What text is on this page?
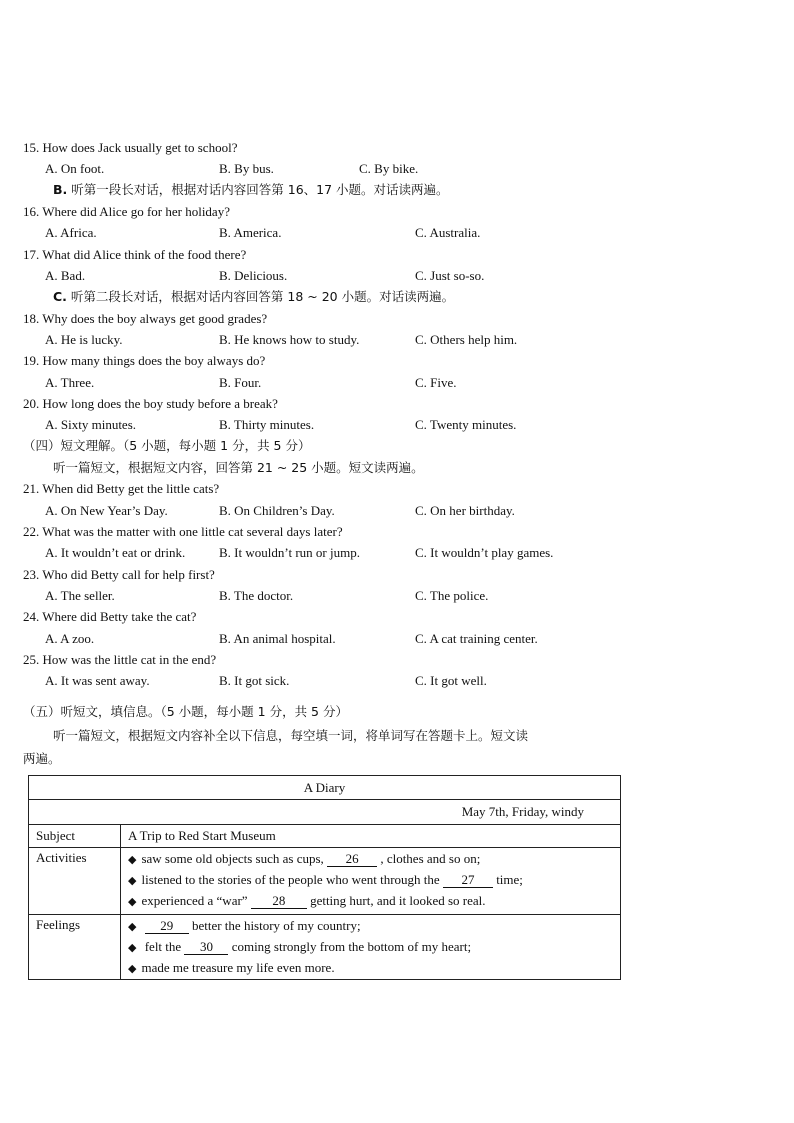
15. How does Jack usually get to school?
A. On foot.	B. By bus.	C. By bike.
B. 听第一段长对话，根据对话内容回答第 16、17 小题。对话读两遍。
16. Where did Alice go for her holiday?
A. Africa.	B. America.	C. Australia.
17. What did Alice think of the food there?
A. Bad.	B. Delicious.	C. Just so-so.
C. 听第二段长对话，根据对话内容回答第 18 ~ 20 小题。对话读两遍。
18. Why does the boy always get good grades?
A. He is lucky.	B. He knows how to study.	C. Others help him.
19. How many things does the boy always do?
A. Three.	B. Four.	C. Five.
20. How long does the boy study before a break?
A. Sixty minutes.	B. Thirty minutes.	C. Twenty minutes.
（四）短文理解。（5 小题，每小题 1 分，共 5 分）
听一篇短文，根据短文内容，回答第 21 ~ 25 小题。短文读两遍。
21. When did Betty get the little cats?
A. On New Year’s Day.	B. On Children’s Day.	C. On her birthday.
22. What was the matter with one little cat several days later?
A. It wouldn’t eat or drink.	B. It wouldn’t run or jump.	C. It wouldn’t play games.
23. Who did Betty call for help first?
A. The seller.	B. The doctor.	C. The police.
24. Where did Betty take the cat?
A. A zoo.	B. An animal hospital.	C. A cat training center.
25. How was the little cat in the end?
A. It was sent away.	B. It got sick.	C. It got well.
（五）听短文，填信息。（5 小题，每小题 1 分，共 5 分）
听一篇短文，根据短文内容补全以下信息，每空填一词，将单词写在答题卡上。短文读
两遍。
A Diary	
May 7th, Friday, windy	
Subject	A Trip to Red Start Museum
Activities	◆ saw some old objects such as cups, 26 , clothes and so on;
◆ listened to the stories of the people who went through the 27 time;
◆ experienced a “war” 28 getting hurt, and it looked so real.

Feelings	◆ 29 better the history of my country;
◆ felt the 30 coming strongly from the bottom of my heart;
◆ made me treasure my life even more.
